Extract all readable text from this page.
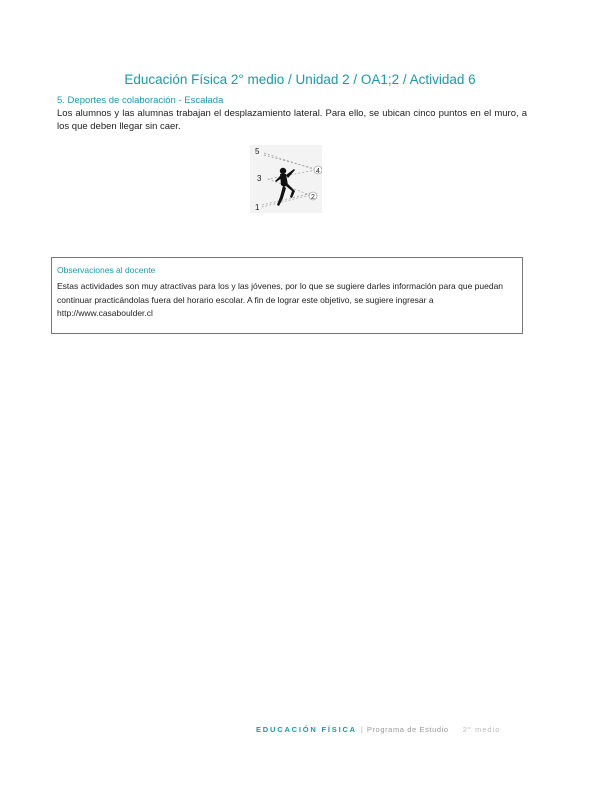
Educación Física 2° medio / Unidad 2 / OA1;2 / Actividad 6
5. Deportes de colaboración - Escalada
Los alumnos y las alumnas trabajan el desplazamiento lateral. Para ello, se ubican cinco puntos en el muro, a los que deben llegar sin caer.
5
4
3
2
1
Observaciones al docente
Estas actividades son muy atractivas para los y las jóvenes, por lo que se sugiere darles información para que puedan continuar practicándolas fuera del horario escolar. A fin de lograr este objetivo, se sugiere ingresar a http://www.casaboulder.cl
EDUCACIÓN FÍSICA | Programa de Estudio 2° medio
